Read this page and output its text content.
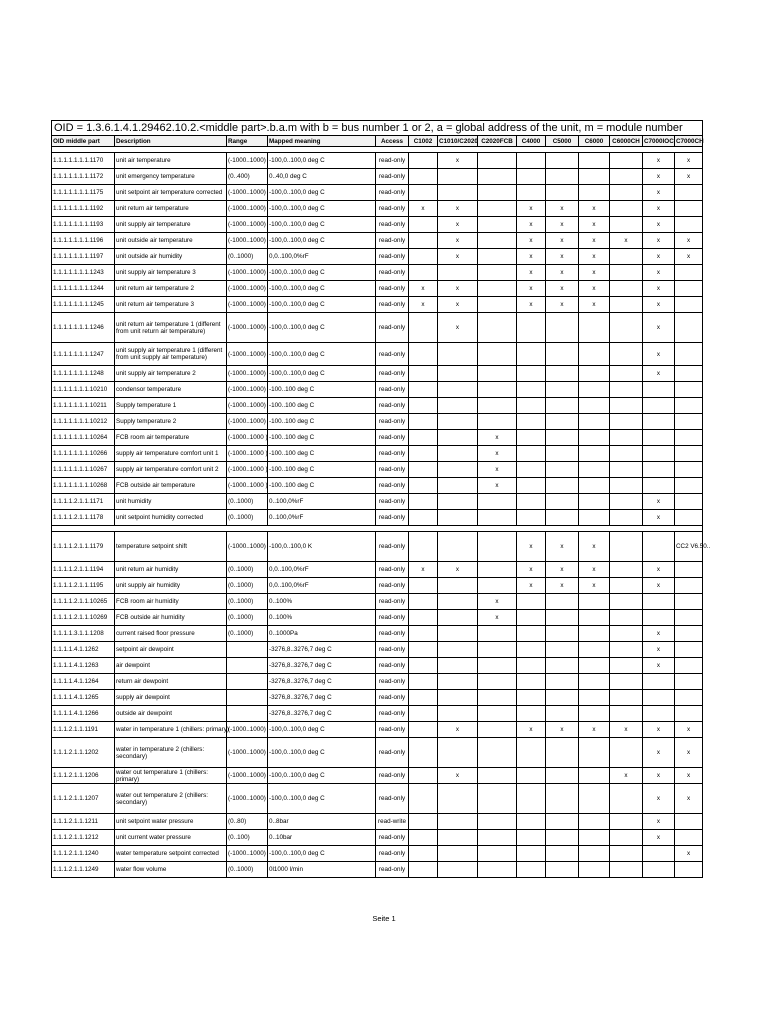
OID = 1.3.6.1.4.1.29462.10.2.<middle part>.b.a.m with b = bus number 1 or 2, a = global address of the unit, m = module number													
OID middle part	Description	Range	Mapped meaning	Access	C1002	C1010/C2020	C2020FCB	C4000	C5000	C6000	C6000CH	C7000IOC	C7000CH

1.1.1.1.1.1.1.1170	unit air temperature	(-1000..1000)	-100,0..100,0 deg C	read-only		x						x	x
1.1.1.1.1.1.1.1172	unit emergency temperature	(0..400)	0..40,0 deg C	read-only								x	x
1.1.1.1.1.1.1.1175	unit setpoint air temperature corrected	(-1000..1000)	-100,0..100,0 deg C	read-only								x	
1.1.1.1.1.1.1.1192	unit return air temperature	(-1000..1000)	-100,0..100,0 deg C	read-only	x	x		x	x	x		x	
1.1.1.1.1.1.1.1193	unit supply air temperature	(-1000..1000)	-100,0..100,0 deg C	read-only		x		x	x	x		x	
1.1.1.1.1.1.1.1196	unit outside air temperature	(-1000..1000)	-100,0..100,0 deg C	read-only		x		x	x	x	x	x	x
1.1.1.1.1.1.1.1197	unit outside air humidity	(0..1000)	0,0..100,0%rF	read-only		x		x	x	x		x	x
1.1.1.1.1.1.1.1243	unit supply air temperature 3	(-1000..1000)	-100,0..100,0 deg C	read-only				x	x	x		x	
1.1.1.1.1.1.1.1244	unit return air temperature 2	(-1000..1000)	-100,0..100,0 deg C	read-only	x	x		x	x	x		x	
1.1.1.1.1.1.1.1245	unit return air temperature 3	(-1000..1000)	-100,0..100,0 deg C	read-only	x	x		x	x	x		x	
1.1.1.1.1.1.1.1246	unit return air temperature 1 (different from unit return air temperature)	(-1000..1000)	-100,0..100,0 deg C	read-only		x						x	
1.1.1.1.1.1.1.1247	unit supply air temperature 1 (different from unit supply air temperature)	(-1000..1000)	-100,0..100,0 deg C	read-only								x	
1.1.1.1.1.1.1.1248	unit supply air temperature 2	(-1000..1000)	-100,0..100,0 deg C	read-only								x	
1.1.1.1.1.1.1.10210	condensor temperature	(-1000..1000)	-100..100 deg C	read-only									
1.1.1.1.1.1.1.10211	Supply temperature 1	(-1000..1000)	-100..100 deg C	read-only									
1.1.1.1.1.1.1.10212	Supply temperature 2	(-1000..1000)	-100..100 deg C	read-only									
1.1.1.1.1.1.1.10264	FCB room air temperature	(-1000..1000 )	-100..100 deg C	read-only			x						
1.1.1.1.1.1.1.10266	supply air temperature comfort unit 1	(-1000..1000 )	-100..100 deg C	read-only			x						
1.1.1.1.1.1.1.10267	supply air temperature comfort unit 2	(-1000..1000 )	-100..100 deg C	read-only			x						
1.1.1.1.1.1.1.10268	FCB outside air temperature	(-1000..1000 )	-100..100 deg C	read-only			x						
1.1.1.1.2.1.1.1171	unit humidity	(0..1000)	0..100,0%rF	read-only								x	
1.1.1.1.2.1.1.1178	unit setpoint humidity corrected	(0..1000)	0..100,0%rF	read-only								x	

1.1.1.1.2.1.1.1179	temperature setpoint shift	(-1000..1000)	-100,0..100,0 K	read-only				x	x	x			CC2 V6.50..
1.1.1.1.2.1.1.1194	unit return air humidity	(0..1000)	0,0..100,0%rF	read-only	x	x		x	x	x		x	
1.1.1.1.2.1.1.1195	unit supply air humidity	(0..1000)	0,0..100,0%rF	read-only				x	x	x		x	
1.1.1.1.2.1.1.10265	FCB room air humidity	(0..1000)	0..100%	read-only			x						
1.1.1.1.2.1.1.10269	FCB outside air humidity	(0..1000)	0..100%	read-only			x						
1.1.1.1.3.1.1.1208	current raised floor pressure	(0..1000)	0..1000Pa	read-only								x	
1.1.1.1.4.1.1262	setpoint air dewpoint		-3276,8..3276,7 deg C	read-only								x	
1.1.1.1.4.1.1263	air dewpoint		-3276,8..3276,7 deg C	read-only								x	
1.1.1.1.4.1.1264	return air dewpoint		-3276,8..3276,7 deg C	read-only									
1.1.1.1.4.1.1265	supply air dewpoint		-3276,8..3276,7 deg C	read-only									
1.1.1.1.4.1.1266	outside air dewpoint		-3276,8..3276,7 deg C	read-only									
1.1.1.2.1.1.1191	water in temperature 1 (chillers: primary)	(-1000..1000)	-100,0..100,0 deg C	read-only		x		x	x	x	x	x	x
1.1.1.2.1.1.1202	water in temperature 2 (chillers: secondary)	(-1000..1000)	-100,0..100,0 deg C	read-only								x	x
1.1.1.2.1.1.1206	water out temperature 1 (chillers: primary)	(-1000..1000)	-100,0..100,0 deg C	read-only		x					x	x	x
1.1.1.2.1.1.1207	water out temperature 2 (chillers: secondary)	(-1000..1000)	-100,0..100,0 deg C	read-only								x	x
1.1.1.2.1.1.1211	unit setpoint water pressure	(0..80)	0..8bar	read-write								x	
1.1.1.2.1.1.1212	unit current water pressure	(0..100)	0..10bar	read-only								x	
1.1.1.2.1.1.1240	water temperature setpoint corrected	(-1000..1000)	-100,0..100,0 deg C	read-only									x
1.1.1.2.1.1.1249	water flow volume	(0..1000)	0l1000 l/min	read-only									
Seite 1
